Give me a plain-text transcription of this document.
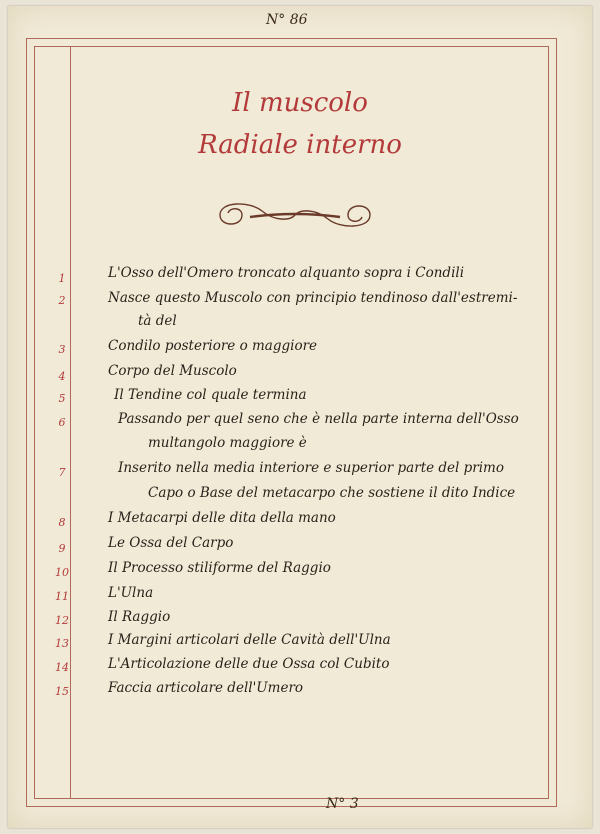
N° 86
Il muscolo
Radiale interno
1	L'Osso dell'Omero troncato alquanto sopra i Condili
2	Nasce questo Muscolo con principio tendinoso dall'estremi-
tà del
3	Condilo posteriore o maggiore
4	Corpo del Muscolo
5	Il Tendine col quale termina
6	Passando per quel seno che è nella parte interna dell'Osso
multangolo maggiore è
7	Inserito nella media interiore e superior parte del primo
Capo o Base del metacarpo che sostiene il dito Indice
8	I Metacarpi delle dita della mano
9	Le Ossa del Carpo
10	Il Processo stiliforme del Raggio
11	L'Ulna
12	Il Raggio
13	I Margini articolari delle Cavità dell'Ulna
14	L'Articolazione delle due Ossa col Cubito
15	Faccia articolare dell'Umero
N° 3
